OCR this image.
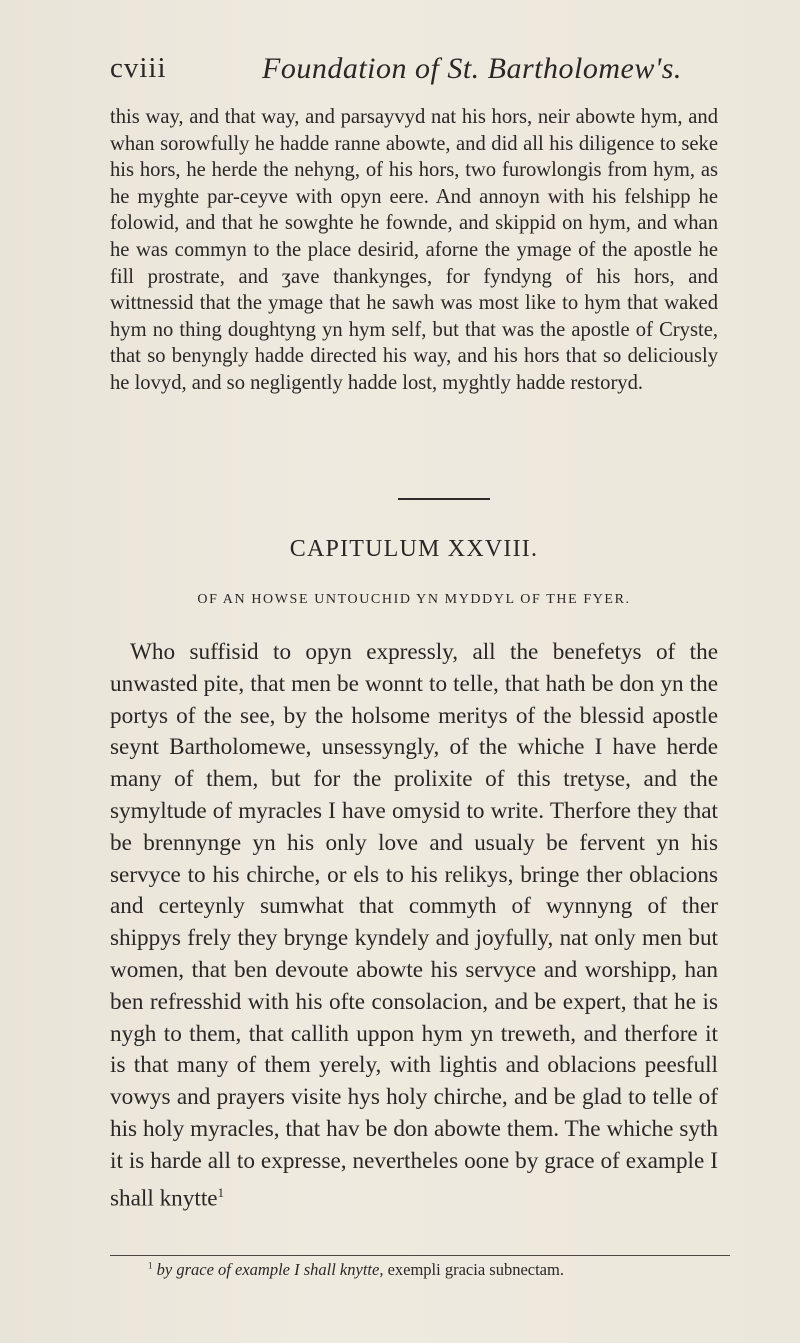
cviii	Foundation of St. Bartholomew's.

this way, and that way, and parsayvyd nat his hors, neir abowte hym, and whan sorowfully he hadde ranne abowte, and did all his diligence to seke his hors, he herde the nehyng, of his hors, two furowlongis from hym, as he myghte par-ceyve with opyn eere. And annoyn with his felshipp he folowid, and that he sowghte he fownde, and skippid on hym, and whan he was commyn to the place desirid, aforne the ymage of the apostle he fill prostrate, and ʒave thankynges, for fyndyng of his hors, and wittnessid that the ymage that he sawh was most like to hym that waked hym no thing doughtyng yn hym self, but that was the apostle of Cryste, that so benyngly hadde directed his way, and his hors that so deliciously he lovyd, and so negligently hadde lost, myghtly hadde restoryd.

CAPITULUM XXVIII.
OF AN HOWSE UNTOUCHID YN MYDDYL OF THE FYER.

Who suffisid to opyn expressly, all the benefetys of the unwasted pite, that men be wonnt to telle, that hath be don yn the portys of the see, by the holsome meritys of the blessid apostle seynt Bartholomewe, unsessyngly, of the whiche I have herde many of them, but for the prolixite of this tretyse, and the symyltude of myracles I have omysid to write. Therfore they that be brennynge yn his only love and usualy be fervent yn his servyce to his chirche, or els to his relikys, bringe ther oblacions and certeynly sumwhat that commyth of wynnyng of ther shippys frely they brynge kyndely and joyfully, nat only men but women, that ben devoute abowte his servyce and worshipp, han ben refresshid with his ofte consolacion, and be expert, that he is nygh to them, that callith uppon hym yn treweth, and therfore it is that many of them yerely, with lightis and oblacions peesfull vowys and prayers visite hys holy chirche, and be glad to telle of his holy myracles, that hav be don abowte them. The whiche syth it is harde all to expresse, nevertheles oone by grace of example I shall knytte$^1$

$^1$ by grace of example I shall knytte, exempli gracia subnectam.
